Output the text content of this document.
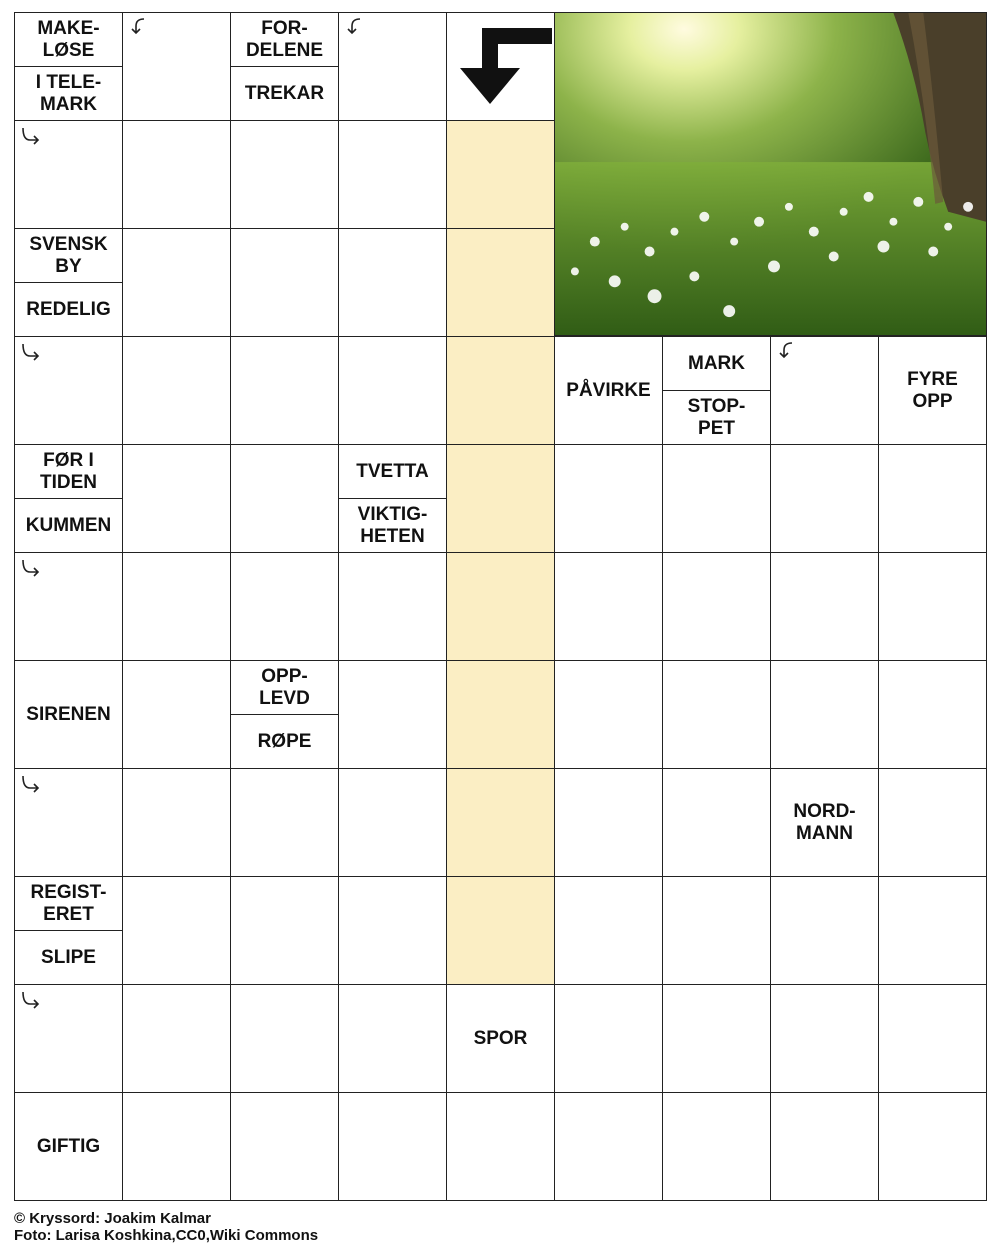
MAKE-
LØSE
I TELE-
MARK
FOR-
DELENE
TREKAR
SVENSK
BY
REDELIG
PÅVIRKE
MARK
STOP-
PET
FYRE
OPP
FØR I
TIDEN
KUMMEN
TVETTA
VIKTIG-
HETEN
SIRENEN
OPP-
LEVD
RØPE
NORD-
MANN
REGIST-
ERET
SLIPE
SPOR
GIFTIG
© Kryssord: Joakim Kalmar
Foto: Larisa Koshkina,CC0,Wiki Commons
